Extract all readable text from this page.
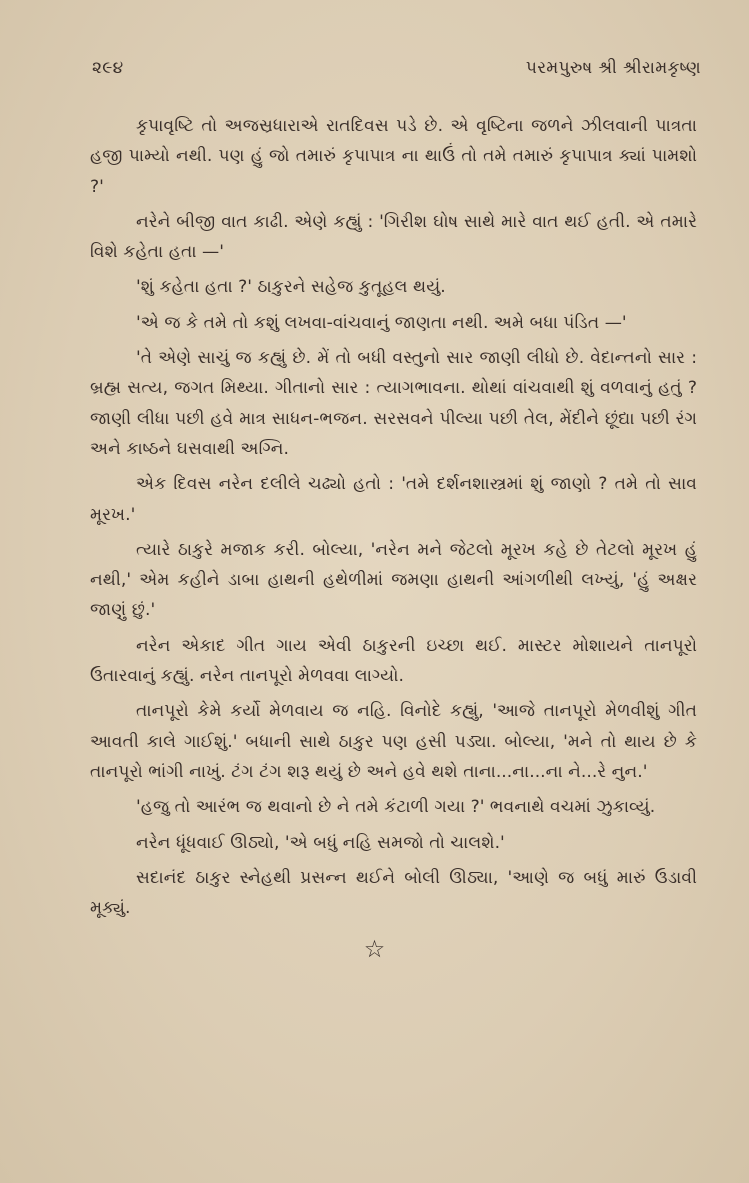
૨૯૪	પરમપુરુષ શ્રી શ્રીરામકૃષ્ણ

કૃપાવૃષ્ટિ તો અજસ્રધારાએ રાતદિવસ પડે છે. એ વૃષ્ટિના જળને ઝીલવાની પાત્રતા હજી પામ્યો નથી. પણ હું જો તમારું કૃપાપાત્ર ના થાઉં તો તમે તમારું કૃપાપાત્ર ક્યાં પામશો ?'

નરેને બીજી વાત કાઢી. એણે કહ્યું : 'ગિરીશ ઘોષ સાથે મારે વાત થઈ હતી. એ તમારે વિશે કહેતા હતા —'

'શું કહેતા હતા ?' ઠાકુરને સહેજ કુતૂહલ થયું.

'એ જ કે તમે તો કશું લખવા-વાંચવાનું જાણતા નથી. અમે બધા પંડિત —'

'તે એણે સાચું જ કહ્યું છે. મેં તો બધી વસ્તુનો સાર જાણી લીધો છે. વેદાન્તનો સાર : બ્રહ્મ સત્ય, જગત મિથ્યા. ગીતાનો સાર : ત્યાગભાવના. થોથાં વાંચવાથી શું વળવાનું હતું ? જાણી લીધા પછી હવે માત્ર સાધન-ભજન. સરસવને પીલ્યા પછી તેલ, મેંદીને છૂંદ્યા પછી રંગ અને કાષ્ઠને ઘસવાથી અગ્નિ.

એક દિવસ નરેન દલીલે ચઢ્યો હતો : 'તમે દર્શનશાસ્ત્રમાં શું જાણો ? તમે તો સાવ મૂરખ.'

ત્યારે ઠાકુરે મજાક કરી. બોલ્યા, 'નરેન મને જેટલો મૂરખ કહે છે તેટલો મૂરખ હું નથી,' એમ કહીને ડાબા હાથની હથેળીમાં જમણા હાથની આંગળીથી લખ્યું, 'હું અક્ષર જાણું છું.'

નરેન એકાદ ગીત ગાય એવી ઠાકુરની ઇચ્છા થઈ. માસ્ટર મોશાયને તાનપૂરો ઉતારવાનું કહ્યું. નરેન તાનપૂરો મેળવવા લાગ્યો.

તાનપૂરો કેમે કર્યો મેળવાય જ નહિ. વિનોદે કહ્યું, 'આજે તાનપૂરો મેળવીશું ગીત આવતી કાલે ગાઈશું.' બધાની સાથે ઠાકુર પણ હસી પડ્યા. બોલ્યા, 'મને તો થાય છે કે તાનપૂરો ભાંગી નાખું. ટંગ ટંગ શરૂ થયું છે અને હવે થશે તાના...ના...ના ને...રે નુન.'

'હજુ તો આરંભ જ થવાનો છે ને તમે કંટાળી ગયા ?' ભવનાથે વચમાં ઝુકાવ્યું.

નરેન ધૂંધવાઈ ઊઠ્યો, 'એ બધું નહિ સમજો તો ચાલશે.'

સદાનંદ ઠાકુર સ્નેહથી પ્રસન્ન થઈને બોલી ઊઠ્યા, 'આણે જ બધું મારું ઉડાવી મૂક્યું.

☆
